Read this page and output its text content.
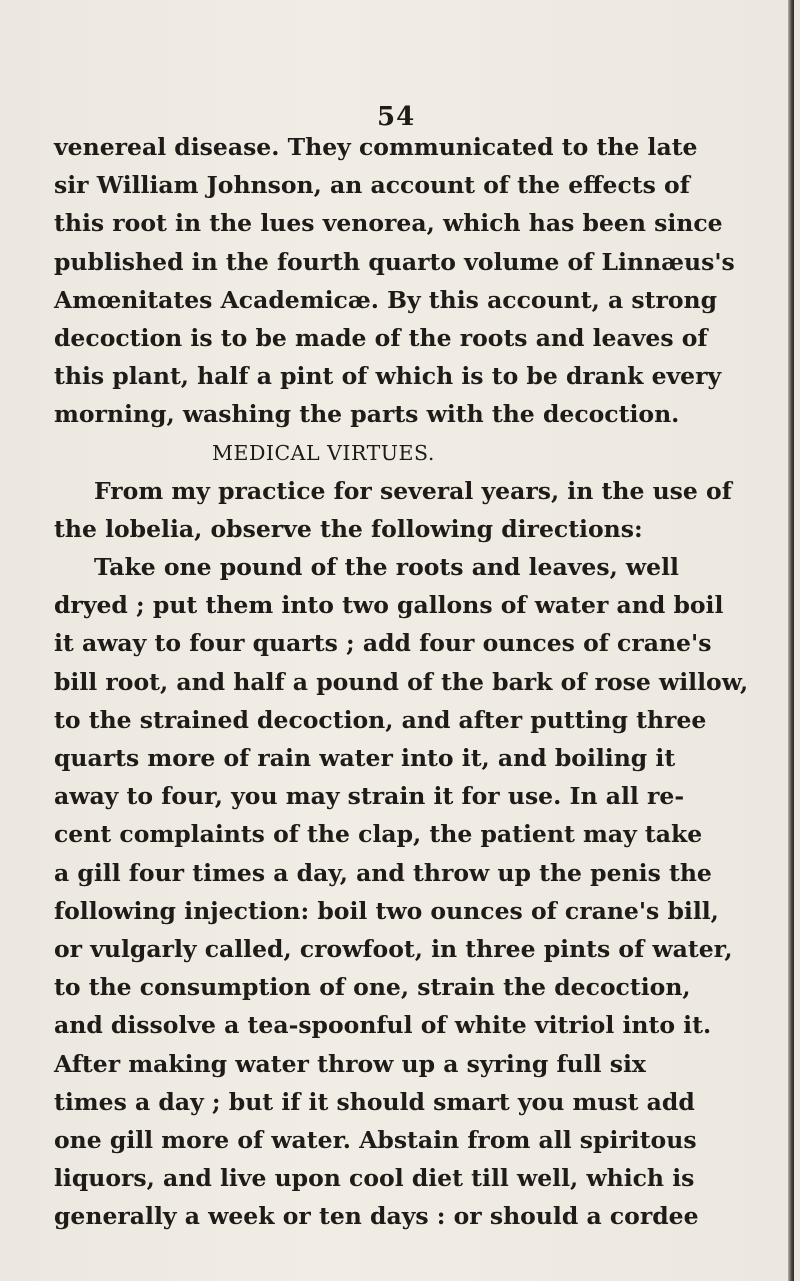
54
venereal disease. They communicated to the late
sir William Johnson, an account of the effects of
this root in the lues venorea, which has been since
published in the fourth quarto volume of Linnæus's
Amœnitates Academicæ. By this account, a strong
decoction is to be made of the roots and leaves of
this plant, half a pint of which is to be drank every
morning, washing the parts with the decoction.
MEDICAL VIRTUES.
From my practice for several years, in the use of
the lobelia, observe the following directions:
Take one pound of the roots and leaves, well
dryed ; put them into two gallons of water and boil
it away to four quarts ; add four ounces of crane's
bill root, and half a pound of the bark of rose willow,
to the strained decoction, and after putting three
quarts more of rain water into it, and boiling it
away to four, you may strain it for use. In all re-
cent complaints of the clap, the patient may take
a gill four times a day, and throw up the penis the
following injection: boil two ounces of crane's bill,
or vulgarly called, crowfoot, in three pints of water,
to the consumption of one, strain the decoction,
and dissolve a tea-spoonful of white vitriol into it.
After making water throw up a syring full six
times a day ; but if it should smart you must add
one gill more of water. Abstain from all spiritous
liquors, and live upon cool diet till well, which is
generally a week or ten days : or should a cordee
